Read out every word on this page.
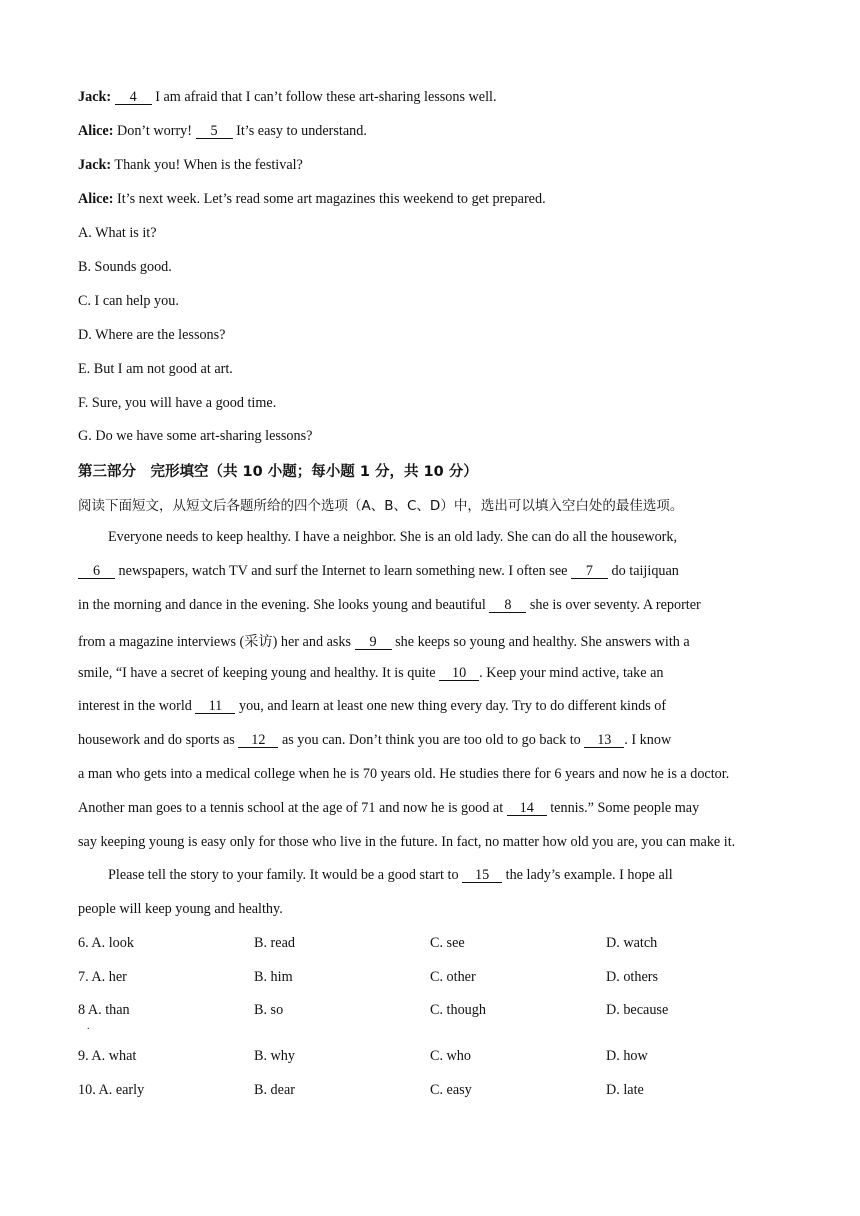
Jack: 4 I am afraid that I can’t follow these art-sharing lessons well.
Alice: Don’t worry! 5 It’s easy to understand.
Jack: Thank you! When is the festival?
Alice: It’s next week. Let’s read some art magazines this weekend to get prepared.
A. What is it?
B. Sounds good.
C. I can help you.
D. Where are the lessons?
E. But I am not good at art.
F. Sure, you will have a good time.
G. Do we have some art-sharing lessons?
第三部分　完形填空（共 10 小题；每小题 1 分，共 10 分）
阅读下面短文，从短文后各题所给的四个选项（A、B、C、D）中，选出可以填入空白处的最佳选项。
Everyone needs to keep healthy. I have a neighbor. She is an old lady. She can do all the housework,
6 newspapers, watch TV and surf the Internet to learn something new. I often see 7 do taijiquan
in the morning and dance in the evening. She looks young and beautiful 8 she is over seventy. A reporter
from a magazine interviews (采访) her and asks 9 she keeps so young and healthy. She answers with a
smile, “I have a secret of keeping young and healthy. It is quite 10 . Keep your mind active, take an
interest in the world 11 you, and learn at least one new thing every day. Try to do different kinds of
housework and do sports as 12 as you can. Don’t think you are too old to go back to 13 . I know
a man who gets into a medical college when he is 70 years old. He studies there for 6 years and now he is a doctor.
Another man goes to a tennis school at the age of 71 and now he is good at 14 tennis.” Some people may
say keeping young is easy only for those who live in the future. In fact, no matter how old you are, you can make it.
Please tell the story to your family. It would be a good start to 15 the lady’s example. I hope all
people will keep young and healthy.
6. A. look	B. read	C. see	D. watch
7. A. her	B. him	C. other	D. others
8 A. than	B. so	C. though	D. because
.
9. A. what	B. why	C. who	D. how
10. A. early	B. dear	C. easy	D. late
